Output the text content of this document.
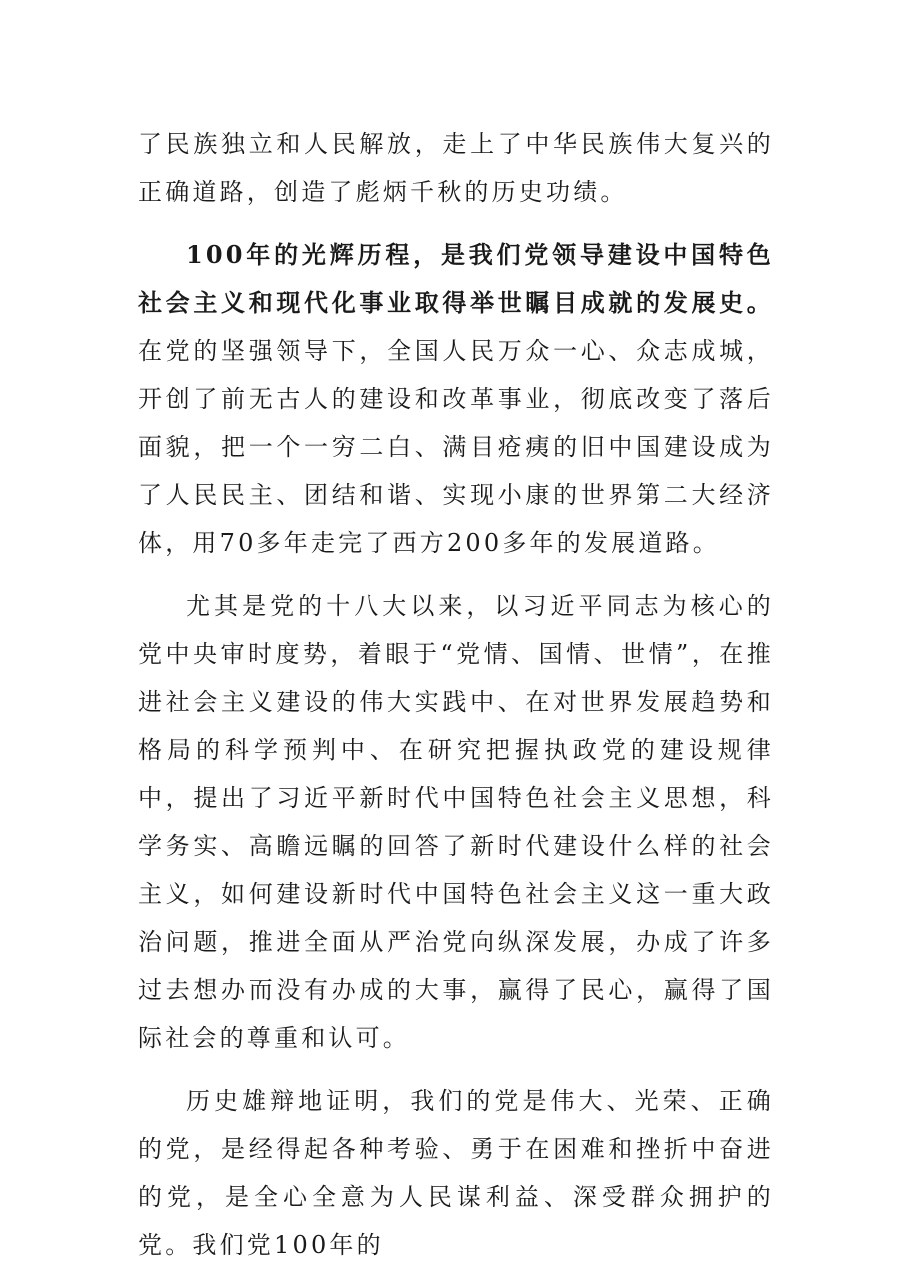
了民族独立和人民解放，走上了中华民族伟大复兴的正确道路，创造了彪炳千秋的历史功绩。

100年的光辉历程，是我们党领导建设中国特色社会主义和现代化事业取得举世瞩目成就的发展史。在党的坚强领导下，全国人民万众一心、众志成城，开创了前无古人的建设和改革事业，彻底改变了落后面貌，把一个一穷二白、满目疮痍的旧中国建设成为了人民民主、团结和谐、实现小康的世界第二大经济体，用70多年走完了西方200多年的发展道路。

尤其是党的十八大以来，以习近平同志为核心的党中央审时度势，着眼于“党情、国情、世情”，在推进社会主义建设的伟大实践中、在对世界发展趋势和格局的科学预判中、在研究把握执政党的建设规律中，提出了习近平新时代中国特色社会主义思想，科学务实、高瞻远瞩的回答了新时代建设什么样的社会主义，如何建设新时代中国特色社会主义这一重大政治问题，推进全面从严治党向纵深发展，办成了许多过去想办而没有办成的大事，赢得了民心，赢得了国际社会的尊重和认可。

历史雄辩地证明，我们的党是伟大、光荣、正确的党，是经得起各种考验、勇于在困难和挫折中奋进的党，是全心全意为人民谋利益、深受群众拥护的党。我们党100年的
